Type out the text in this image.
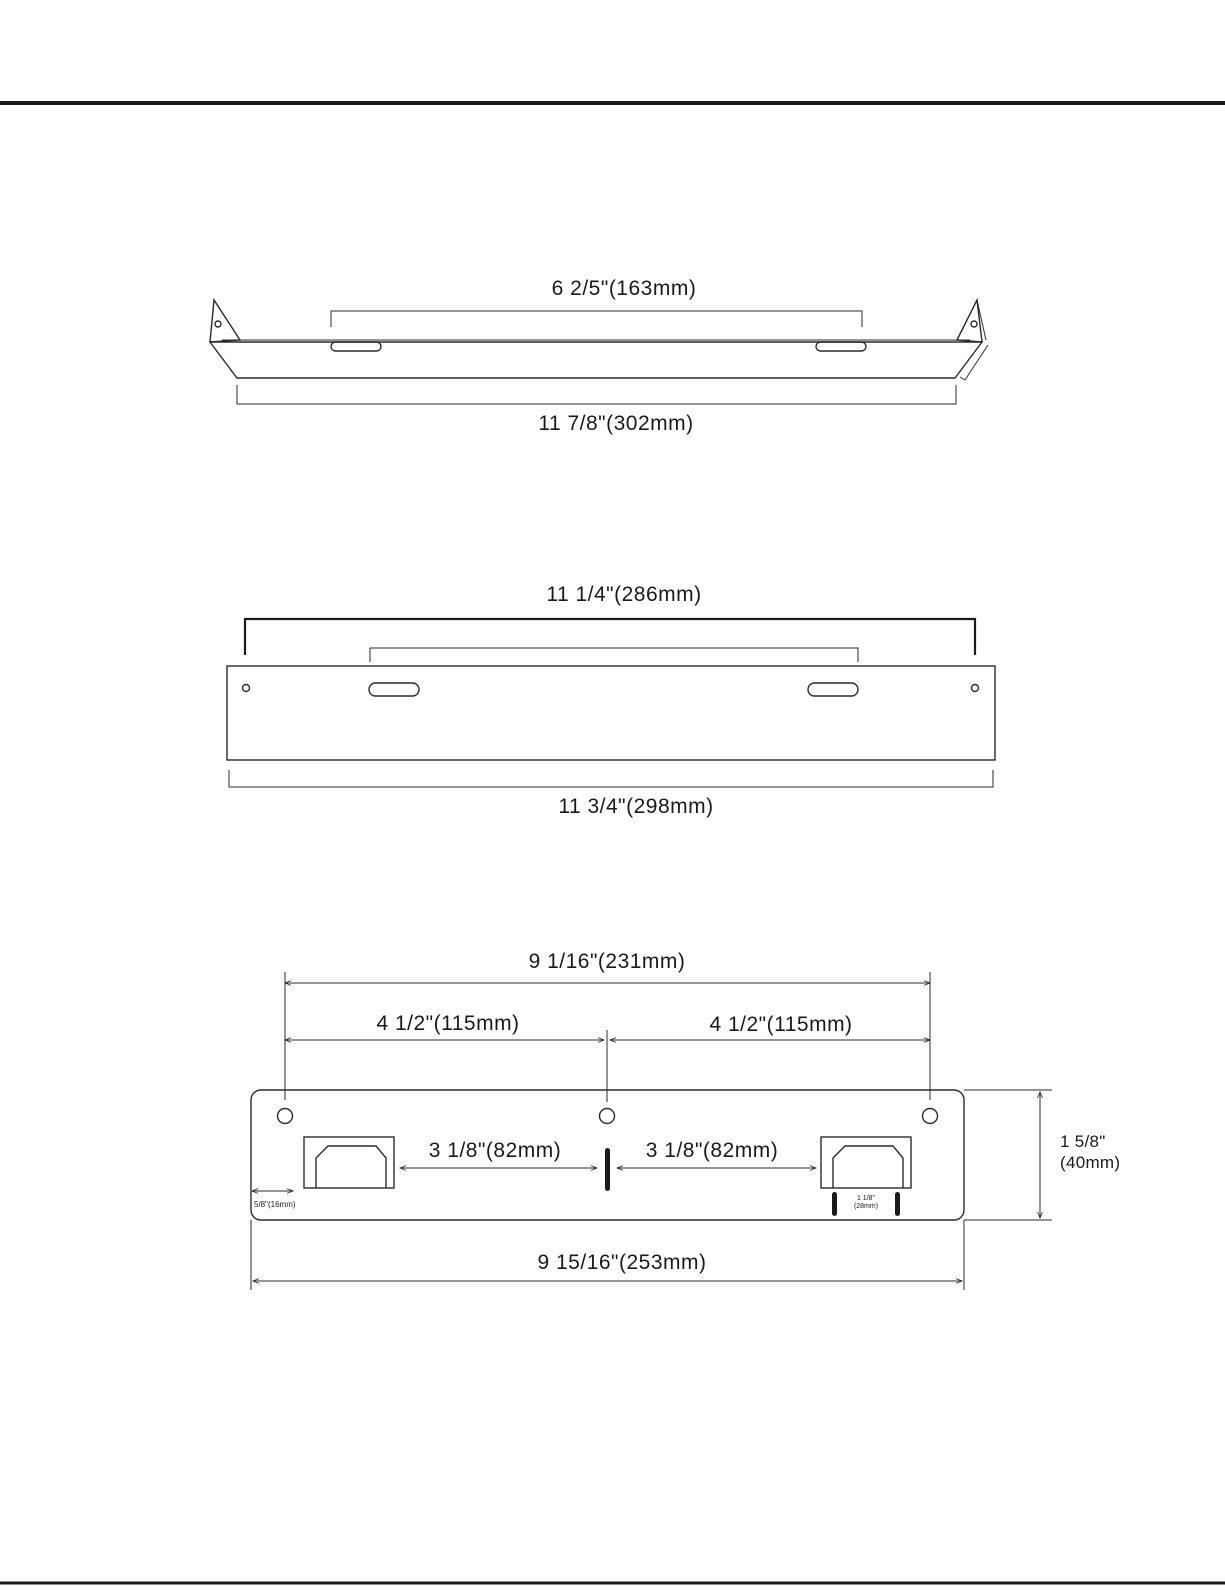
6 2/5"(163mm)
11 7/8"(302mm)
11 1/4"(286mm)
11 3/4"(298mm)
9 1/16"(231mm)
4 1/2"(115mm)	4 1/2"(115mm)
3 1/8"(82mm)	3 1/8"(82mm)
5/8"(16mm)
1 1/8"
(28mm)
1 5/8"
(40mm)
9 15/16"(253mm)
